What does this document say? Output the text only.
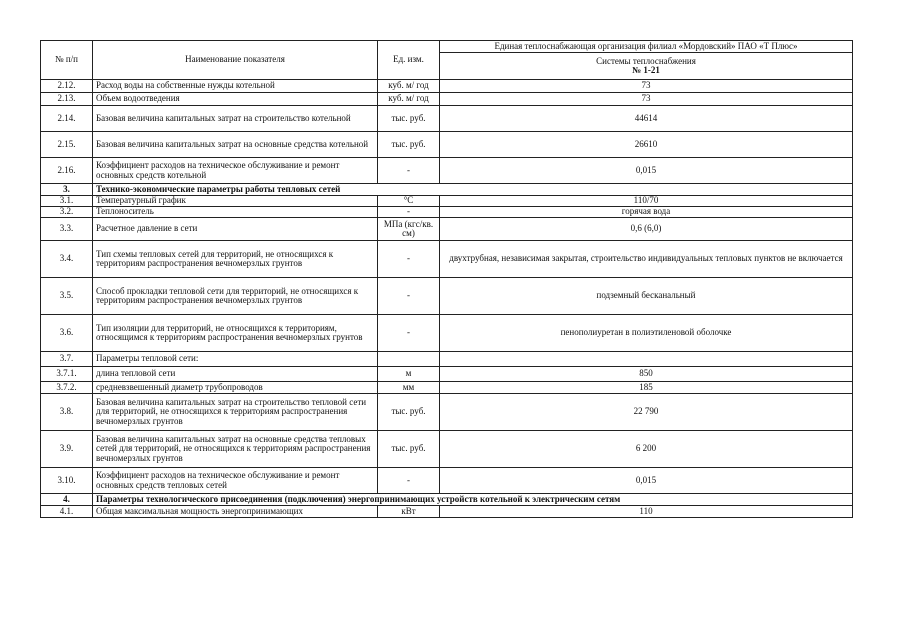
№ п/п	Наименование показателя	Ед. изм.	Единая теплоснабжающая организация филиал «Мордовский» ПАО «Т Плюс»
			Системы теплоснабжения
№ 1-21
2.12.	Расход воды на собственные нужды котельной	куб. м/ год	73
2.13.	Объем водоотведения	куб. м/ год	73
2.14.	Базовая величина капитальных затрат на строительство котельной	тыс. руб.	44614
2.15.	Базовая величина капитальных затрат на основные средства котельной	тыс. руб.	26610
2.16.	Коэффициент расходов на техническое обслуживание и ремонт основных средств котельной	-	0,015
3.	Технико-экономические параметры работы тепловых сетей		
3.1.	Температурный график	°C	110/70
3.2.	Теплоноситель	-	горячая вода
3.3.	Расчетное давление в сети	МПа (кгс/кв. см)	0,6 (6,0)
3.4.	Тип схемы тепловых сетей для территорий, не относящихся к территориям распространения вечномерзлых грунтов	-	двухтрубная, независимая закрытая, строительство индивидуальных тепловых пунктов не включается
3.5.	Способ прокладки тепловой сети для территорий, не относящихся к территориям распространения вечномерзлых грунтов	-	подземный бесканальный
3.6.	Тип изоляции для территорий, не относящихся к территориям, относящимся к территориям распространения вечномерзлых грунтов	-	пенополиуретан в полиэтиленовой оболочке
3.7.	Параметры тепловой сети:		
3.7.1.	длина тепловой сети	м	850
3.7.2.	средневзвешенный диаметр трубопроводов	мм	185
3.8.	Базовая величина капитальных затрат на строительство тепловой сети для территорий, не относящихся к территориям распространения вечномерзлых грунтов	тыс. руб.	22 790
3.9.	Базовая величина капитальных затрат на основные средства тепловых сетей для территорий, не относящихся к территориям распространения вечномерзлых грунтов	тыс. руб.	6 200
3.10.	Коэффициент расходов на техническое обслуживание и ремонт основных средств тепловых сетей	-	0,015
4.	Параметры технологического присоединения (подключения) энергопринимающих устройств котельной к электрическим сетям		
4.1.	Общая максимальная мощность энергопринимающих	кВт	110
